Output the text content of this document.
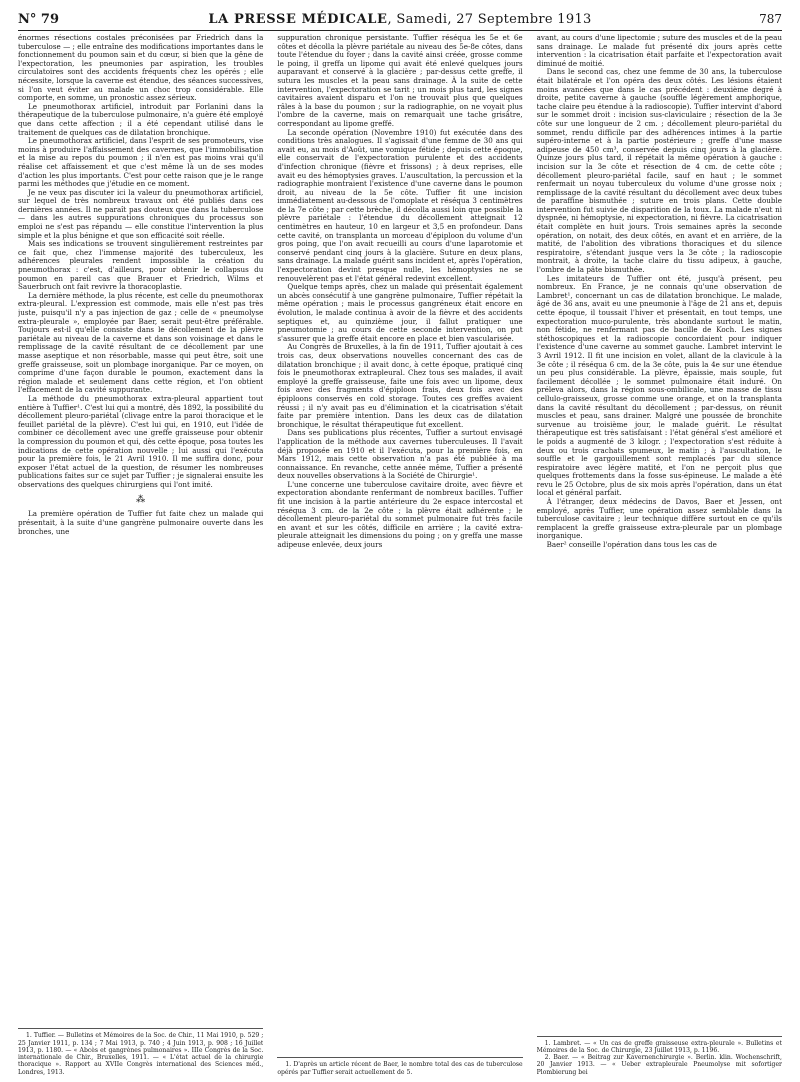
N° 79	LA PRESSE MÉDICALE, Samedi, 27 Septembre 1913	787

énormes résections costales préconisées par Friedrich dans la tuberculose — ; elle entraîne des modifications importantes dans le fonctionnement du poumon sain et du cœur, si bien que la gêne de l'expectoration, les pneumonies par aspiration, les troubles circulatoires sont des accidents fréquents chez les opérés ; elle nécessite, lorsque la caverne est étendue, des séances successives, si l'on veut éviter au malade un choc trop considérable. Elle comporte, en somme, un pronostic assez sérieux.

Le pneumothorax artificiel, introduit par Forlanini dans la thérapeutique de la tuberculose pulmonaire, n'a guère été employé que dans cette affection ; il a été cependant utilisé dans le traitement de quelques cas de dilatation bronchique.

Le pneumothorax artificiel, dans l'esprit de ses promoteurs, vise moins à produire l'affaissement des cavernes, que l'immobilisation et la mise au repos du poumon ; il n'en est pas moins vrai qu'il réalise cet affaissement et que c'est même là un de ses modes d'action les plus importants. C'est pour cette raison que je le range parmi les méthodes que j'étudie en ce moment.

Je ne veux pas discuter ici la valeur du pneumothorax artificiel, sur lequel de très nombreux travaux ont été publiés dans ces dernières années. Il ne paraît pas douteux que dans la tuberculose — dans les autres suppurations chroniques du processus son emploi ne s'est pas répandu — elle constitue l'intervention la plus simple et la plus bénigne et que son efficacité soit réelle.

Mais ses indications se trouvent singulièrement restreintes par ce fait que, chez l'immense majorité des tuberculeux, les adhérences pleurales rendent impossible la création du pneumothorax : c'est, d'ailleurs, pour obtenir le collapsus du poumon en pareil cas que Brauer et Friedrich, Wilms et Sauerbruch ont fait revivre la thoracoplastie.

La dernière méthode, la plus récente, est celle du pneumothorax extra-pleural. L'expression est commode, mais elle n'est pas très juste, puisqu'il n'y a pas injection de gaz ; celle de « pneumolyse extra-pleurale », employée par Baer, serait peut-être préférable. Toujours est-il qu'elle consiste dans le décollement de la plèvre pariétale au niveau de la caverne et dans son voisinage et dans le remplissage de la cavité résultant de ce décollement par une masse aseptique et non résorbable, masse qui peut être, soit une greffe graisseuse, soit un plombage inorganique. Par ce moyen, on comprime d'une façon durable le poumon, exactement dans la région malade et seulement dans cette région, et l'on obtient l'effacement de la cavité suppurante.

La méthode du pneumothorax extra-pleural appartient tout entière à Tuffier¹. C'est lui qui a montré, dès 1892, la possibilité du décollement pleuro-pariétal (clivage entre la paroi thoracique et le feuillet pariétal de la plèvre). C'est lui qui, en 1910, eut l'idée de combiner ce décollement avec une greffe graisseuse pour obtenir la compression du poumon et qui, dès cette époque, posa toutes les indications de cette opération nouvelle ; lui aussi qui l'exécuta pour la première fois, le 21 Avril 1910. Il me suffira donc, pour exposer l'état actuel de la question, de résumer les nombreuses publications faites sur ce sujet par Tuffier ; je signalerai ensuite les observations des quelques chirurgiens qui l'ont imité.

⁂

La première opération de Tuffier fut faite chez un malade qui présentait, à la suite d'une gangrène pulmonaire ouverte dans les bronches, une

1. Tuffier. — Bulletins et Mémoires de la Soc. de Chir., 11 Mai 1910, p. 529 ; 25 Janvier 1911, p. 134 ; 7 Mai 1913, p. 740 ; 4 Juin 1913, p. 908 ; 16 Juillet 1913, p. 1180. — « Abcès et gangrènes pulmonaires ». IIIe Congrès de la Soc. internationale de Chir., Bruxelles, 1911. — « L'état actuel de la chirurgie thoracique ». Rapport au XVIIe Congrès international des Sciences méd., Londres, 1913.

suppuration chronique persistante. Tuffier réséqua les 5e et 6e côtes et décolla la plèvre pariétale au niveau des 5e-8e côtes, dans toute l'étendue du foyer ; dans la cavité ainsi créée, grosse comme le poing, il greffa un lipome qui avait été enlevé quelques jours auparavant et conservé à la glacière ; par-dessus cette greffe, il sutura les muscles et la peau sans drainage. À la suite de cette intervention, l'expectoration se tarit ; un mois plus tard, les signes cavitaires avaient disparu et l'on ne trouvait plus que quelques râles à la base du poumon ; sur la radiographie, on ne voyait plus l'ombre de la caverne, mais on remarquait une tache grisâtre, correspondant au lipome greffé.

La seconde opération (Novembre 1910) fut exécutée dans des conditions très analogues. Il s'agissait d'une femme de 30 ans qui avait eu, au mois d'Août, une vomique fétide ; depuis cette époque, elle conservait de l'expectoration purulente et des accidents d'infection chronique (fièvre et frissons) ; à deux reprises, elle avait eu des hémoptysies graves. L'auscultation, la percussion et la radiographie montraient l'existence d'une caverne dans le poumon droit, au niveau de la 5e côte. Tuffier fit une incision immédiatement au-dessous de l'omoplate et réséqua 3 centimètres de la 7e côte ; par cette brèche, il décolla aussi loin que possible la plèvre pariétale : l'étendue du décollement atteignait 12 centimètres en hauteur, 10 en largeur et 3,5 en profondeur. Dans cette cavité, on transplanta un morceau d'épiploon du volume d'un gros poing, que l'on avait recueilli au cours d'une laparotomie et conservé pendant cinq jours à la glacière. Suture en deux plans, sans drainage. La malade guérit sans incident et, après l'opération, l'expectoration devint presque nulle, les hémoptysies ne se renouvelèrent pas et l'état général redevint excellent.

Quelque temps après, chez un malade qui présentait également un abcès consécutif à une gangrène pulmonaire, Tuffier répétait la même opération ; mais le processus gangréneux était encore en évolution, le malade continua à avoir de la fièvre et des accidents septiques et, au quinzième jour, il fallut pratiquer une pneumotomie ; au cours de cette seconde intervention, on put s'assurer que la greffe était encore en place et bien vascularisée.

Au Congrès de Bruxelles, à la fin de 1911, Tuffier ajoutait à ces trois cas, deux observations nouvelles concernant des cas de dilatation bronchique ; il avait donc, à cette époque, pratiqué cinq fois le pneumothorax extrapleural. Chez tous ses malades, il avait employé la greffe graisseuse, faite une fois avec un lipome, deux fois avec des fragments d'épiploon frais, deux fois avec des épiploons conservés en cold storage. Toutes ces greffes avaient réussi ; il n'y avait pas eu d'élimination et la cicatrisation s'était faite par première intention. Dans les deux cas de dilatation bronchique, le résultat thérapeutique fut excellent.

Dans ses publications plus récentes, Tuffier a surtout envisagé l'application de la méthode aux cavernes tuberculeuses. Il l'avait déjà proposée en 1910 et il l'exécuta, pour la première fois, en Mars 1912, mais cette observation n'a pas été publiée à ma connaissance. En revanche, cette année même, Tuffier a présenté deux nouvelles observations à la Société de Chirurgie¹.

L'une concerne une tuberculose cavitaire droite, avec fièvre et expectoration abondante renfermant de nombreux bacilles. Tuffier fit une incision à la partie antérieure du 2e espace intercostal et réséqua 3 cm. de la 2e côte ; la plèvre était adhérente ; le décollement pleuro-pariétal du sommet pulmonaire fut très facile en avant et sur les côtés, difficile en arrière ; la cavité extra-pleurale atteignait les dimensions du poing ; on y greffa une masse adipeuse enlevée, deux jours

1. D'après un article récent de Baer, le nombre total des cas de tuberculose opérés par Tuffier serait actuellement de 5.

avant, au cours d'une lipectomie ; suture des muscles et de la peau sans drainage. Le malade fut présenté dix jours après cette intervention : la cicatrisation était parfaite et l'expectoration avait diminué de moitié.

Dans le second cas, chez une femme de 30 ans, la tuberculose était bilatérale et l'on opéra des deux côtés. Les lésions étaient moins avancées que dans le cas précédent : deuxième degré à droite, petite caverne à gauche (souffle légèrement amphorique, tache claire peu étendue à la radioscopie). Tuffier intervint d'abord sur le sommet droit : incision sus-claviculaire ; résection de la 3e côte sur une longueur de 2 cm. ; décollement pleuro-pariétal du sommet, rendu difficile par des adhérences intimes à la partie supéro-interne et à la partie postérieure ; greffe d'une masse adipeuse de 450 cm³, conservée depuis cinq jours à la glacière. Quinze jours plus tard, il répétait la même opération à gauche : incision sur la 3e côte et résection de 4 cm. de cette côte ; décollement pleuro-pariétal facile, sauf en haut ; le sommet renfermait un noyau tuberculeux du volume d'une grosse noix ; remplissage de la cavité résultant du décollement avec deux tubes de paraffine bismuthée ; suture en trois plans. Cette double intervention fut suivie de disparition de la toux. La malade n'eut ni dyspnée, ni hémoptysie, ni expectoration, ni fièvre. La cicatrisation était complète en huit jours. Trois semaines après la seconde opération, on notait, des deux côtés, en avant et en arrière, de la matité, de l'abolition des vibrations thoraciques et du silence respiratoire, s'étendant jusque vers la 3e côte ; la radioscopie montrait, à droite, la tache claire du tissu adipeux, à gauche, l'ombre de la pâte bismuthée.

Les imitateurs de Tuffier ont été, jusqu'à présent, peu nombreux. En France, je ne connais qu'une observation de Lambret¹, concernant un cas de dilatation bronchique. Le malade, âgé de 36 ans, avait eu une pneumonie à l'âge de 21 ans et, depuis cette époque, il toussait l'hiver et présentait, en tout temps, une expectoration muco-purulente, très abondante surtout le matin, non fétide, ne renfermant pas de bacille de Koch. Les signes stéthoscopiques et la radioscopie concordaient pour indiquer l'existence d'une caverne au sommet gauche. Lambret intervint le 3 Avril 1912. Il fit une incision en volet, allant de la clavicule à la 3e côte ; il réséqua 6 cm. de la 3e côte, puis la 4e sur une étendue un peu plus considérable. La plèvre, épaissie, mais souple, fut facilement décollée ; le sommet pulmonaire était induré. On préleva alors, dans la région sous-ombilicale, une masse de tissu cellulo-graisseux, grosse comme une orange, et on la transplanta dans la cavité résultant du décollement ; par-dessus, on réunit muscles et peau, sans drainer. Malgré une poussée de bronchite survenue au troisième jour, le malade guérit. Le résultat thérapeutique est très satisfaisant : l'état général s'est amélioré et le poids a augmenté de 3 kilogr. ; l'expectoration s'est réduite à deux ou trois crachats spumeux, le matin ; à l'auscultation, le souffle et le gargouillement sont remplacés par du silence respiratoire avec légère matité, et l'on ne perçoit plus que quelques frottements dans la fosse sus-épineuse. Le malade a été revu le 25 Octobre, plus de six mois après l'opération, dans un état local et général parfait.

À l'étranger, deux médecins de Davos, Baer et Jessen, ont employé, après Tuffier, une opération assez semblable dans la tuberculose cavitaire ; leur technique diffère surtout en ce qu'ils remplacent la greffe graisseuse extra-pleurale par un plombage inorganique.

Baer² conseille l'opération dans tous les cas de

1. Lambret. — « Un cas de greffe graisseuse extra-pleurale ». Bulletins et Mémoires de la Soc. de Chirurgie, 23 Juillet 1913, p. 1196.

2. Baer. — « Beitrag zur Kavernenchirurgie ». Berlin. klin. Wochenschrift, 20 Janvier 1913. — « Ueber extrapleurale Pneumolyse mit sofortiger Plombierung bei
